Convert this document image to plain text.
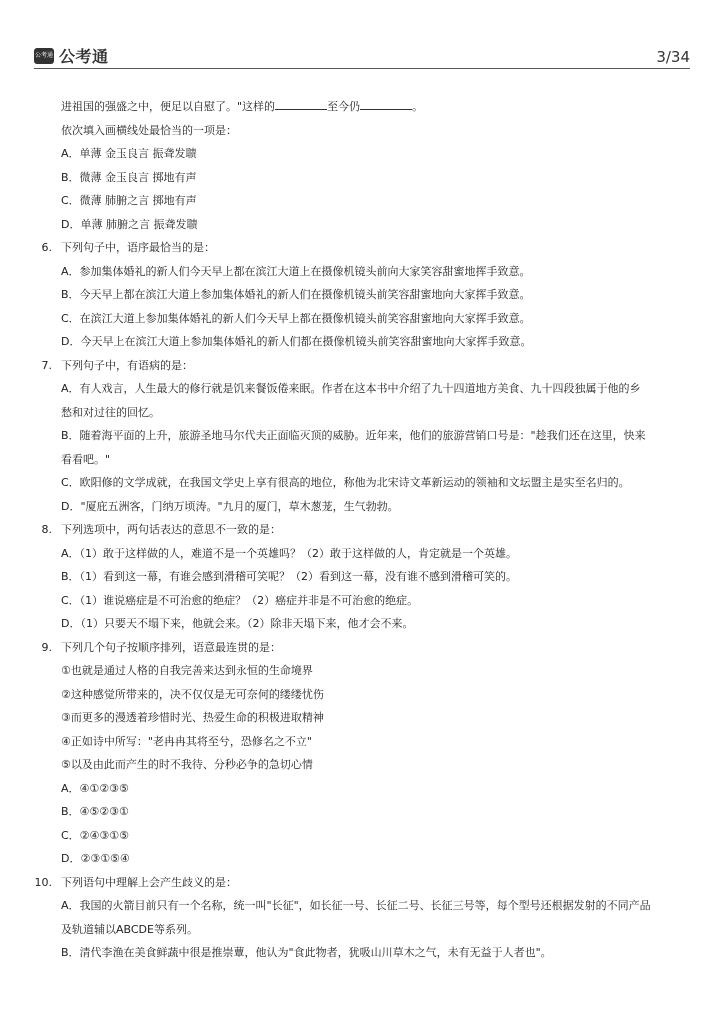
公考通 公考通	3/34
进祖国的强盛之中，便足以自慰了。"这样的	至今仍	。
依次填入画横线处最恰当的一项是：
A．单薄 金玉良言 振聋发聩
B．微薄 金玉良言 掷地有声
C．微薄 肺腑之言 掷地有声
D．单薄 肺腑之言 振聋发聩
6. 下列句子中，语序最恰当的是：
A．参加集体婚礼的新人们今天早上都在滨江大道上在摄像机镜头前向大家笑容甜蜜地挥手致意。
B．今天早上都在滨江大道上参加集体婚礼的新人们在摄像机镜头前笑容甜蜜地向大家挥手致意。
C．在滨江大道上参加集体婚礼的新人们今天早上都在摄像机镜头前笑容甜蜜地向大家挥手致意。
D．今天早上在滨江大道上参加集体婚礼的新人们都在摄像机镜头前笑容甜蜜地向大家挥手致意。
7. 下列句子中，有语病的是：
A．有人戏言，人生最大的修行就是饥来餐饭倦来眠。作者在这本书中介绍了九十四道地方美食、九十四段独属于他的乡
愁和对过往的回忆。
B．随着海平面的上升，旅游圣地马尔代夫正面临灭顶的威胁。近年来，他们的旅游营销口号是："趁我们还在这里，快来
看看吧。"
C．欧阳修的文学成就，在我国文学史上享有很高的地位，称他为北宋诗文革新运动的领袖和文坛盟主是实至名归的。
D．"厦庇五洲客，门纳万顷涛。"九月的厦门，草木葱茏，生气勃勃。
8. 下列选项中，两句话表达的意思不一致的是：
A．（1）敢于这样做的人，难道不是一个英雄吗？（2）敢于这样做的人，肯定就是一个英雄。
B．（1）看到这一幕，有谁会感到滑稽可笑呢？（2）看到这一幕，没有谁不感到滑稽可笑的。
C．（1）谁说癌症是不可治愈的绝症？（2）癌症并非是不可治愈的绝症。
D．（1）只要天不塌下来，他就会来。（2）除非天塌下来，他才会不来。
9. 下列几个句子按顺序排列，语意最连贯的是：
①也就是通过人格的自我完善来达到永恒的生命境界
②这种感觉所带来的，决不仅仅是无可奈何的缕缕忧伤
③而更多的漫透着珍惜时光、热爱生命的积极进取精神
④正如诗中所写："老冉冉其将至兮，恐修名之不立"
⑤以及由此而产生的时不我待、分秒必争的急切心情
A．④①②③⑤
B．④⑤②③①
C．②④③①⑤
D．②③①⑤④
10. 下列语句中理解上会产生歧义的是：
A．我国的火箭目前只有一个名称，统一叫"长征"，如长征一号、长征二号、长征三号等，每个型号还根据发射的不同产品
及轨道辅以ABCDE等系列。
B．清代李渔在美食鲜蔬中很是推崇蕈，他认为"食此物者，犹吸山川草木之气，未有无益于人者也"。
